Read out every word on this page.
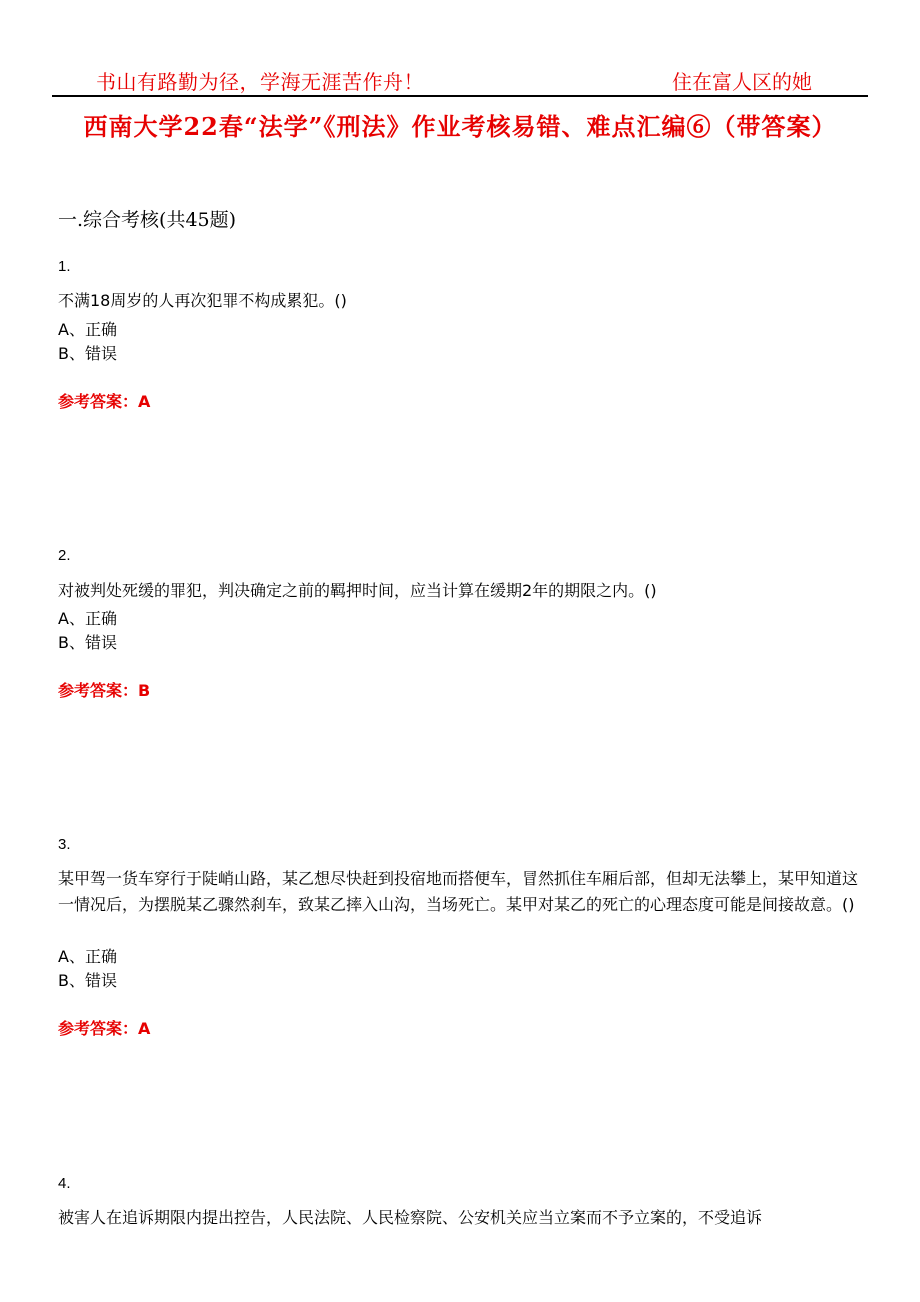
书山有路勤为径，学海无涯苦作舟！	住在富人区的她
西南大学22春“法学”《刑法》作业考核易错、难点汇编⑥（带答案）
一.综合考核(共45题)
1.
不满18周岁的人再次犯罪不构成累犯。()
A、正确
B、错误
参考答案：A
2.
对被判处死缓的罪犯，判决确定之前的羁押时间，应当计算在缓期2年的期限之内。()
A、正确
B、错误
参考答案：B
3.
某甲驾一货车穿行于陡峭山路，某乙想尽快赶到投宿地而搭便车，冒然抓住车厢后部，但却无法攀上，某甲知道这一情况后，为摆脱某乙骤然刹车，致某乙摔入山沟，当场死亡。某甲对某乙的死亡的心理态度可能是间接故意。()
A、正确
B、错误
参考答案：A
4.
被害人在追诉期限内提出控告，人民法院、人民检察院、公安机关应当立案而不予立案的，不受追诉
